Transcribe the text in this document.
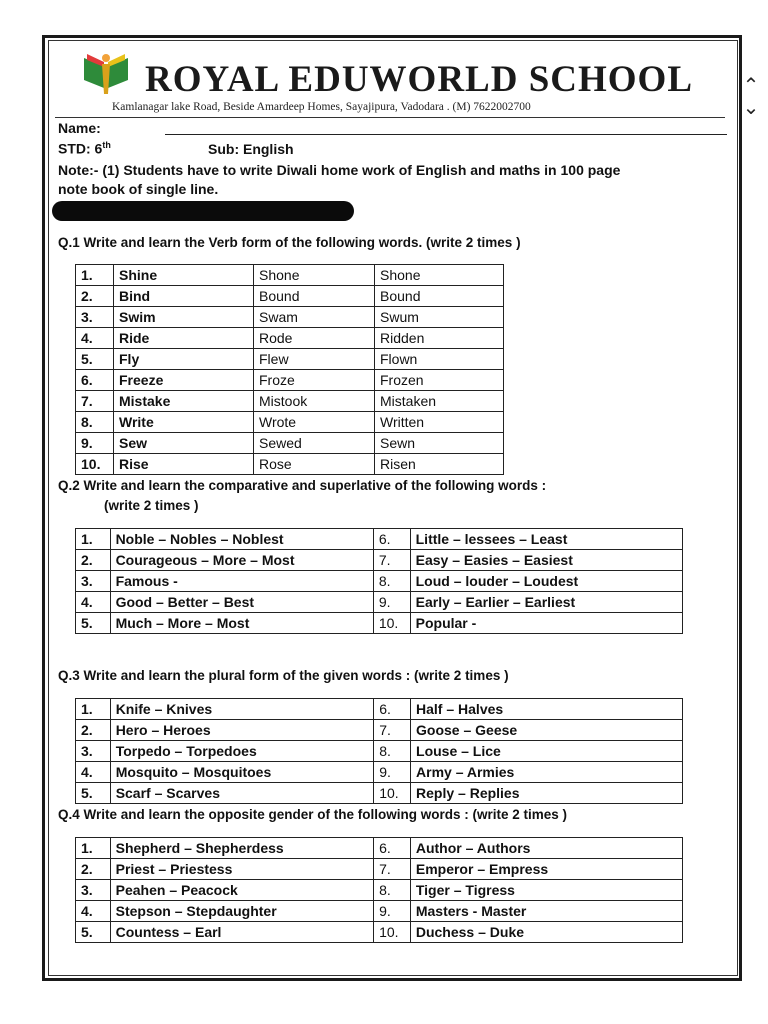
ROYAL EDUWORLD SCHOOL
Kamlanagar lake Road, Beside Amardeep Homes, Sayajipura, Vadodara . (M) 7622002700
⌃
⌄
Name:
STD: 6th	Sub: English
Note:- (1) Students have to write Diwali home work of English and maths in 100 page
note book of single line.
Q.1 Write and learn the Verb form of the following words. (write 2 times )
1.	Shine	Shone	Shone
2.	Bind	Bound	Bound
3.	Swim	Swam	Swum
4.	Ride	Rode	Ridden
5.	Fly	Flew	Flown
6.	Freeze	Froze	Frozen
7.	Mistake	Mistook	Mistaken
8.	Write	Wrote	Written
9.	Sew	Sewed	Sewn
10.	Rise	Rose	Risen
Q.2 Write and learn the comparative and superlative of the following words :
(write 2 times )
1.	Noble – Nobles – Noblest	6.	Little – lessees – Least
2.	Courageous – More – Most	7.	Easy – Easies – Easiest
3.	Famous -	8.	Loud – louder – Loudest
4.	Good – Better – Best	9.	Early – Earlier – Earliest
5.	Much – More – Most	10.	Popular -
Q.3 Write and learn the plural form of the given words : (write 2 times )
1.	Knife – Knives	6.	Half – Halves
2.	Hero – Heroes	7.	Goose – Geese
3.	Torpedo – Torpedoes	8.	Louse – Lice
4.	Mosquito – Mosquitoes	9.	Army – Armies
5.	Scarf – Scarves	10.	Reply – Replies
Q.4 Write and learn the opposite gender of the following words : (write 2 times )
1.	Shepherd – Shepherdess	6.	Author – Authors
2.	Priest – Priestess	7.	Emperor – Empress
3.	Peahen – Peacock	8.	Tiger – Tigress
4.	Stepson – Stepdaughter	9.	Masters - Master
5.	Countess – Earl	10.	Duchess – Duke
